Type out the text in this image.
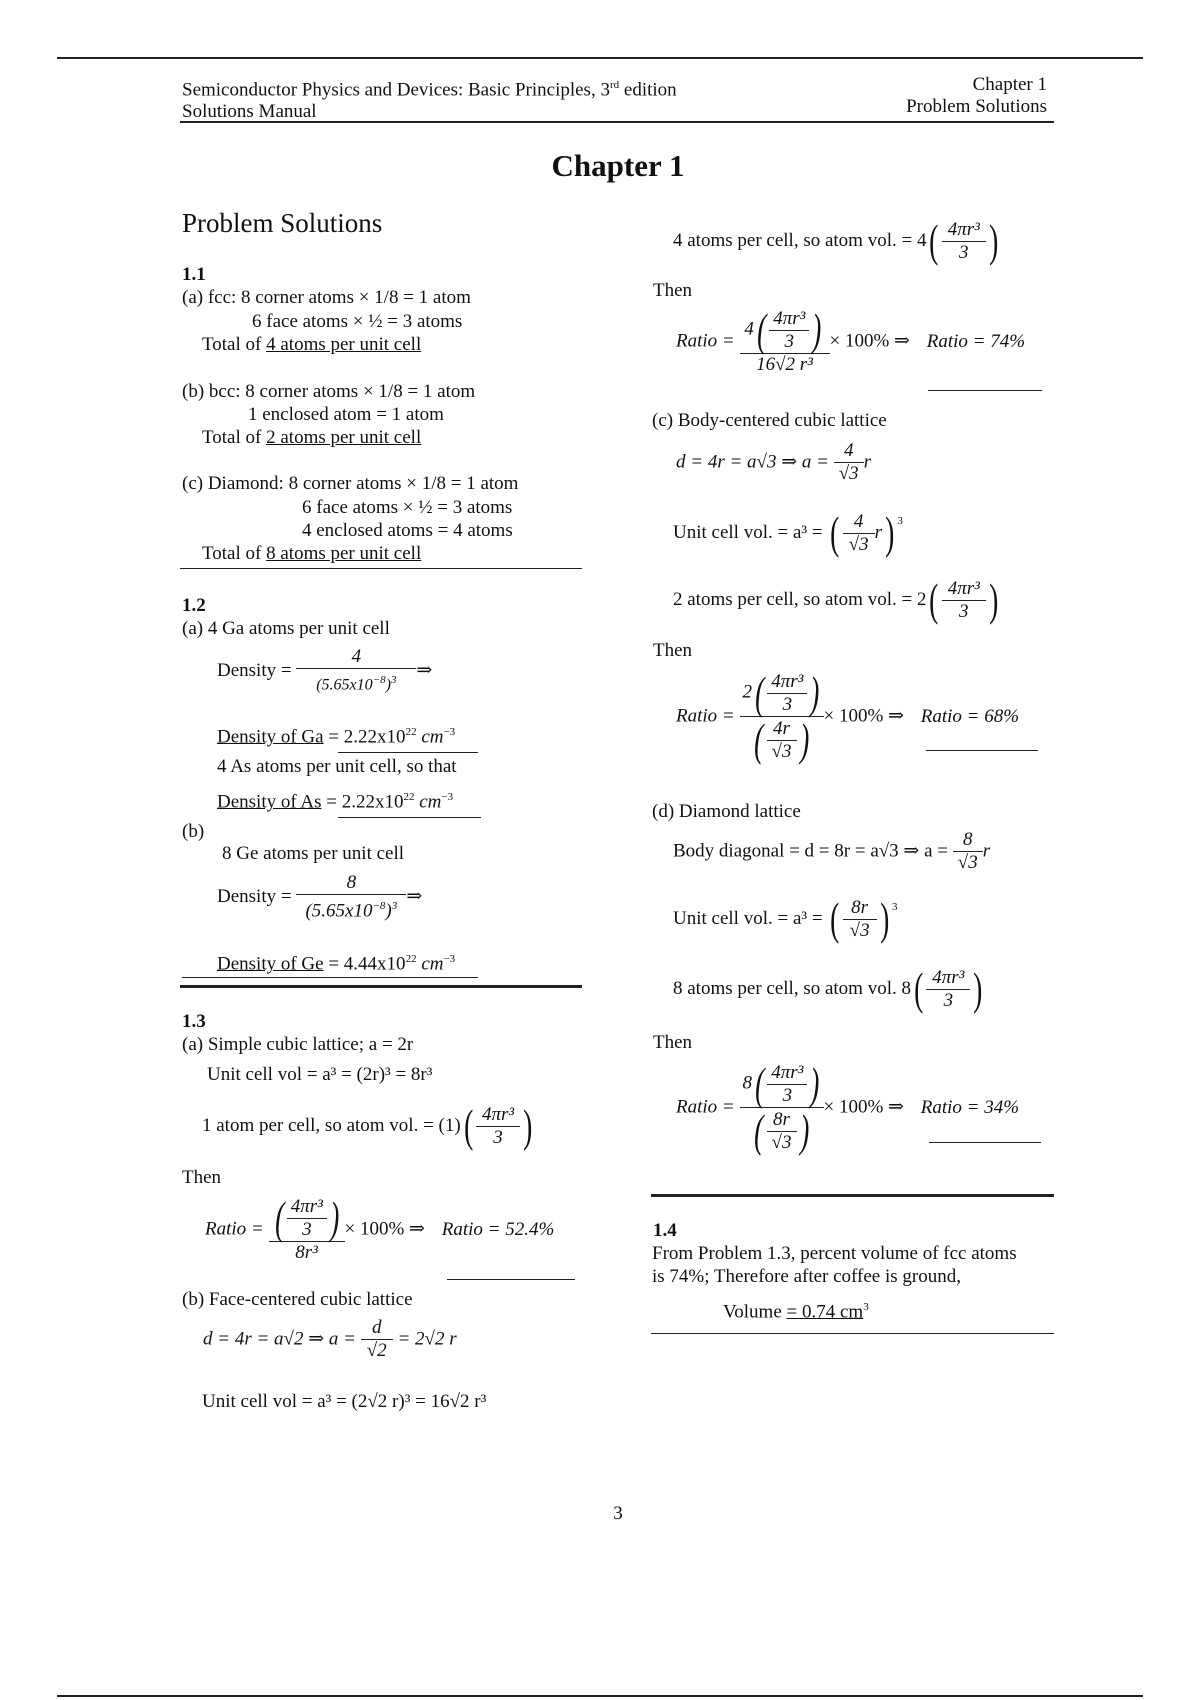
Semiconductor Physics and Devices: Basic Principles, 3rd edition
Solutions Manual
Chapter 1
Problem Solutions
Chapter 1
Problem Solutions
1.1
(a) fcc: 8 corner atoms × 1/8 = 1 atom
6 face atoms × ½ = 3 atoms
Total of 4 atoms per unit cell
(b) bcc: 8 corner atoms × 1/8 = 1 atom
1 enclosed atom = 1 atom
Total of 2 atoms per unit cell
(c) Diamond: 8 corner atoms × 1/8 = 1 atom
6 face atoms × ½ = 3 atoms
4 enclosed atoms = 4 atoms
Total of 8 atoms per unit cell
1.2
(a) 4 Ga atoms per unit cell
Density = $\frac{4}{(5.65x10^{-8})^3}$ ⇒
Density of $Ga = 2.22x10^{22}$ $cm^{-3}$
4 As atoms per unit cell, so that
Density of $As = 2.22x10^{22}$ $cm^{-3}$
(b)
8 Ge atoms per unit cell
Density = $\frac{8}{(5.65x10^{-8})^3}$ ⇒
Density of $Ge = 4.44x10^{22}$ $cm^{-3}$
1.3
(a) Simple cubic lattice; a = 2r
Unit cell vol = a³ = (2r)³ = 8r³
1 atom per cell, so atom vol. = $(1)( \frac{\text{4πr³}}{3}$ )
Then
Ratio = $\frac{( \frac{\text{4πr³}}{3} )}{\text{8r³}} \times 100\%$ ⇒ Ratio = 52.4%
(b) Face-centered cubic lattice
d = 4r = a√2 ⇒ $a = \frac{d}{√2} = 2√2$ r
Unit cell vol = a³ = (2√2 r)³ = 16√2 r³
4 atoms per cell, so atom vol. = $4( \frac{\text{4πr³}}{3}$ )
Then
Ratio = $\frac{4( \frac{\text{4πr³}}{3} )}{\text{16√2 r³}} \times 100\%$ ⇒ Ratio = 74%
(c) Body-centered cubic lattice
d = 4r = a√3 ⇒ $a = \frac{4}{√3}$ r
Unit cell vol. = a³ = ( $\frac{4}{√3} r$) $^3$
2 atoms per cell, so atom vol. = $2( \frac{\text{4πr³}}{3}$ )
Then
Ratio = $\frac{2( \frac{\text{4πr³}}{3} )}{( \frac{4r}{√3} )} \times 100\%$ ⇒ Ratio = 68%
(d) Diamond lattice
Body diagonal = d = 8r = a√3 ⇒ $a = \frac{8}{√3}$ r
Unit cell vol. = a³ = ( $\frac{8r}{√3}$ ) $^3$
8 atoms per cell, so atom vol. $8( \frac{\text{4πr³}}{3}$ )
Then
Ratio = $\frac{8( \frac{\text{4πr³}}{3} )}{( \frac{8r}{√3} )} \times 100\%$ ⇒ Ratio = 34%
1.4
From Problem 1.3, percent volume of fcc atoms
is 74%; Therefore after coffee is ground,
Volume = 0.74 $cm^3$
3
